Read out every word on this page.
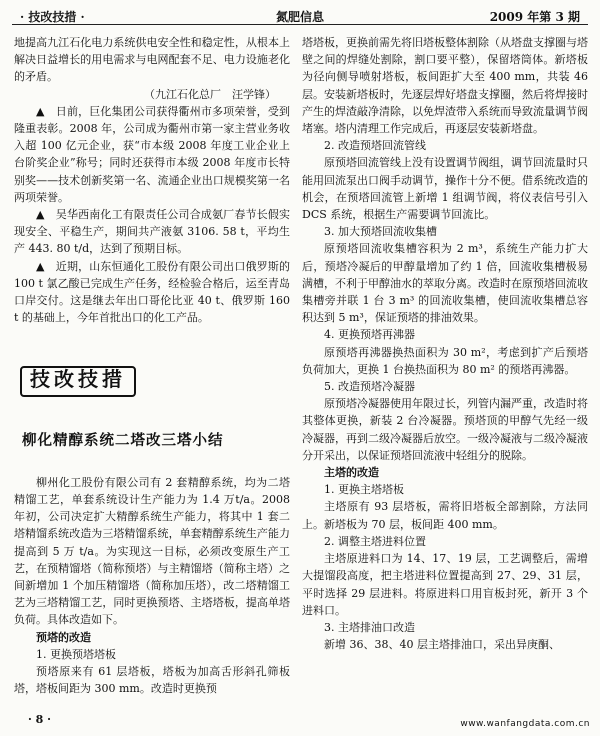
· 技改技措 ·	氮肥信息	2009 年第 3 期

地提高九江石化电力系统供电安全性和稳定性，从根本上解决日益增长的用电需求与电网配套不足、电力设施老化的矛盾。

（九江石化总厂　汪学锋）

▲　日前，巨化集团公司获得衢州市多项荣誉，受到隆重表彰。2008 年，公司成为衢州市第一家主营业务收入超 100 亿元企业，获“市本级 2008 年度工业企业上台阶奖企业”称号；同时还获得市本级 2008 年度市长特别奖——技术创新奖第一名、流通企业出口规模奖第一名两项荣誉。

▲　吴华西南化工有限责任公司合成氨厂春节长假实现安全、平稳生产，期间共产液氨 3106. 58 t，平均生产 443. 80 t/d，达到了预期目标。

▲　近期，山东恒通化工股份有限公司出口俄罗斯的 100 t 氯乙酸已完成生产任务，经检验合格后，运至青岛口岸交付。这是继去年出口哥伦比亚 40 t、俄罗斯 160 t 的基础上，今年首批出口的化工产品。

技改技措
柳化精醇系统二塔改三塔小结

柳州化工股份有限公司有 2 套精醇系统，均为二塔精馏工艺，单套系统设计生产能力为 1.4 万t/a。2008 年初，公司决定扩大精醇系统生产能力，将其中 1 套二塔精馏系统改造为三塔精馏系统，单套精醇系统生产能力提高到 5 万 t/a。为实现这一目标，必须改变原生产工艺，在预精馏塔（简称预塔）与主精馏塔（简称主塔）之间新增加 1 个加压精馏塔（简称加压塔），改二塔精馏工艺为三塔精馏工艺，同时更换预塔、主塔塔板，提高单塔负荷。具体改造如下。

预塔的改造

1. 更换预塔塔板

预塔原来有 61 层塔板，塔板为加高舌形斜孔筛板塔，塔板间距为 300 mm。改造时更换预

塔塔板，更换前需先将旧塔板整体割除（从塔盘支撑圈与塔壁之间的焊缝处割除，割口要平整），保留塔筒体。新塔板为径向侧导喷射塔板，板间距扩大至 400 mm，共装 46 层。安装新塔板时，先逐层焊好塔盘支撑圈，然后将焊接时产生的焊渣敲净清除，以免焊渣带入系统而导致流量调节阀堵塞。塔内清理工作完成后，再逐层安装新塔盘。

2. 改造预塔回流管线

原预塔回流管线上没有设置调节阀组，调节回流量时只能用回流泵出口阀手动调节，操作十分不便。借系统改造的机会，在预塔回流管上新增 1 组调节阀，将仪表信号引入 DCS 系统，根据生产需要调节回流比。

3. 加大预塔回流收集槽

原预塔回流收集槽容积为 2 m³，系统生产能力扩大后，预塔冷凝后的甲醇量增加了约 1 倍，回流收集槽极易满槽，不利于甲醇油水的萃取分离。改造时在原预塔回流收集槽旁并联 1 台 3 m³ 的回流收集槽，使回流收集槽总容积达到 5 m³，保证预塔的排油效果。

4. 更换预塔再沸器

原预塔再沸器换热面积为 30 m²，考虑到扩产后预塔负荷加大，更换 1 台换热面积为 80 m² 的预塔再沸器。

5. 改造预塔冷凝器

原预塔冷凝器使用年限过长，列管内漏严重，改造时将其整体更换，新装 2 台冷凝器。预塔顶的甲醇气先经一级冷凝器，再到二级冷凝器后放空。一级冷凝液与二级冷凝液分开采出，以保证预塔回流液中轻组分的脱除。

主塔的改造

1. 更换主塔塔板

主塔原有 93 层塔板，需将旧塔板全部割除，方法同上。新塔板为 70 层，板间距 400 mm。

2. 调整主塔进料位置

主塔原进料口为 14、17、19 层，工艺调整后，需增大提馏段高度，把主塔进料位置提高到 27、29、31 层，平时选择 29 层进料。将原进料口用盲板封死，新开 3 个进料口。

3. 主塔排油口改造

新增 36、38、40 层主塔排油口，采出异庚酮、

· 8 ·	www.wanfangdata.com.cn
